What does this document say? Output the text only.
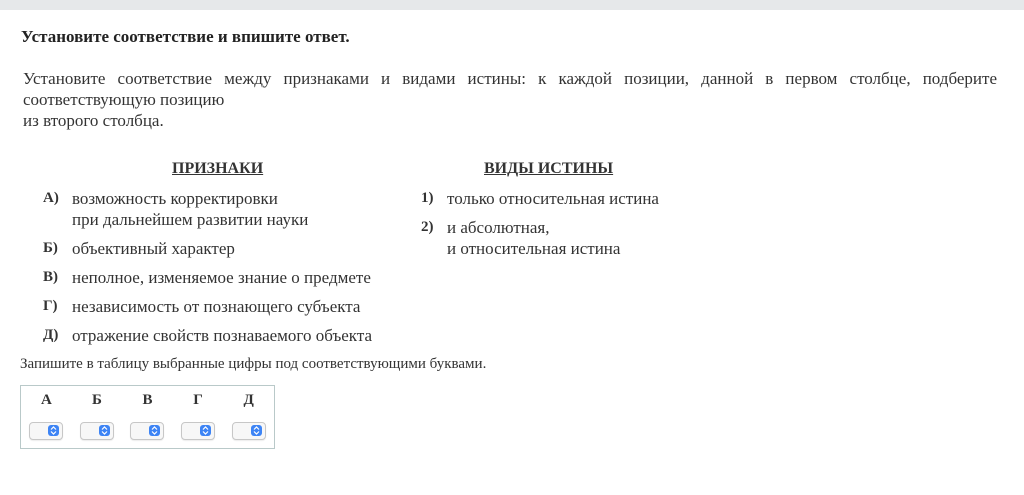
Установите соответствие и впишите ответ.
Установите соответствие между признаками и видами истины: к каждой позиции, данной в первом столбце, подберите
соответствующую позицию
из второго столбца.
ПРИЗНАКИ	ВИДЫ ИСТИНЫ
А) возможность корректировки
при дальнейшем развитии науки
Б) объективный характер
В) неполное, изменяемое знание о предмете
Г) независимость от познающего субъекта
Д) отражение свойств познаваемого объекта
1) только относительная истина
2) и абсолютная,
и относительная истина
Запишите в таблицу выбранные цифры под соответствующими буквами.
А	Б	В	Г	Д
